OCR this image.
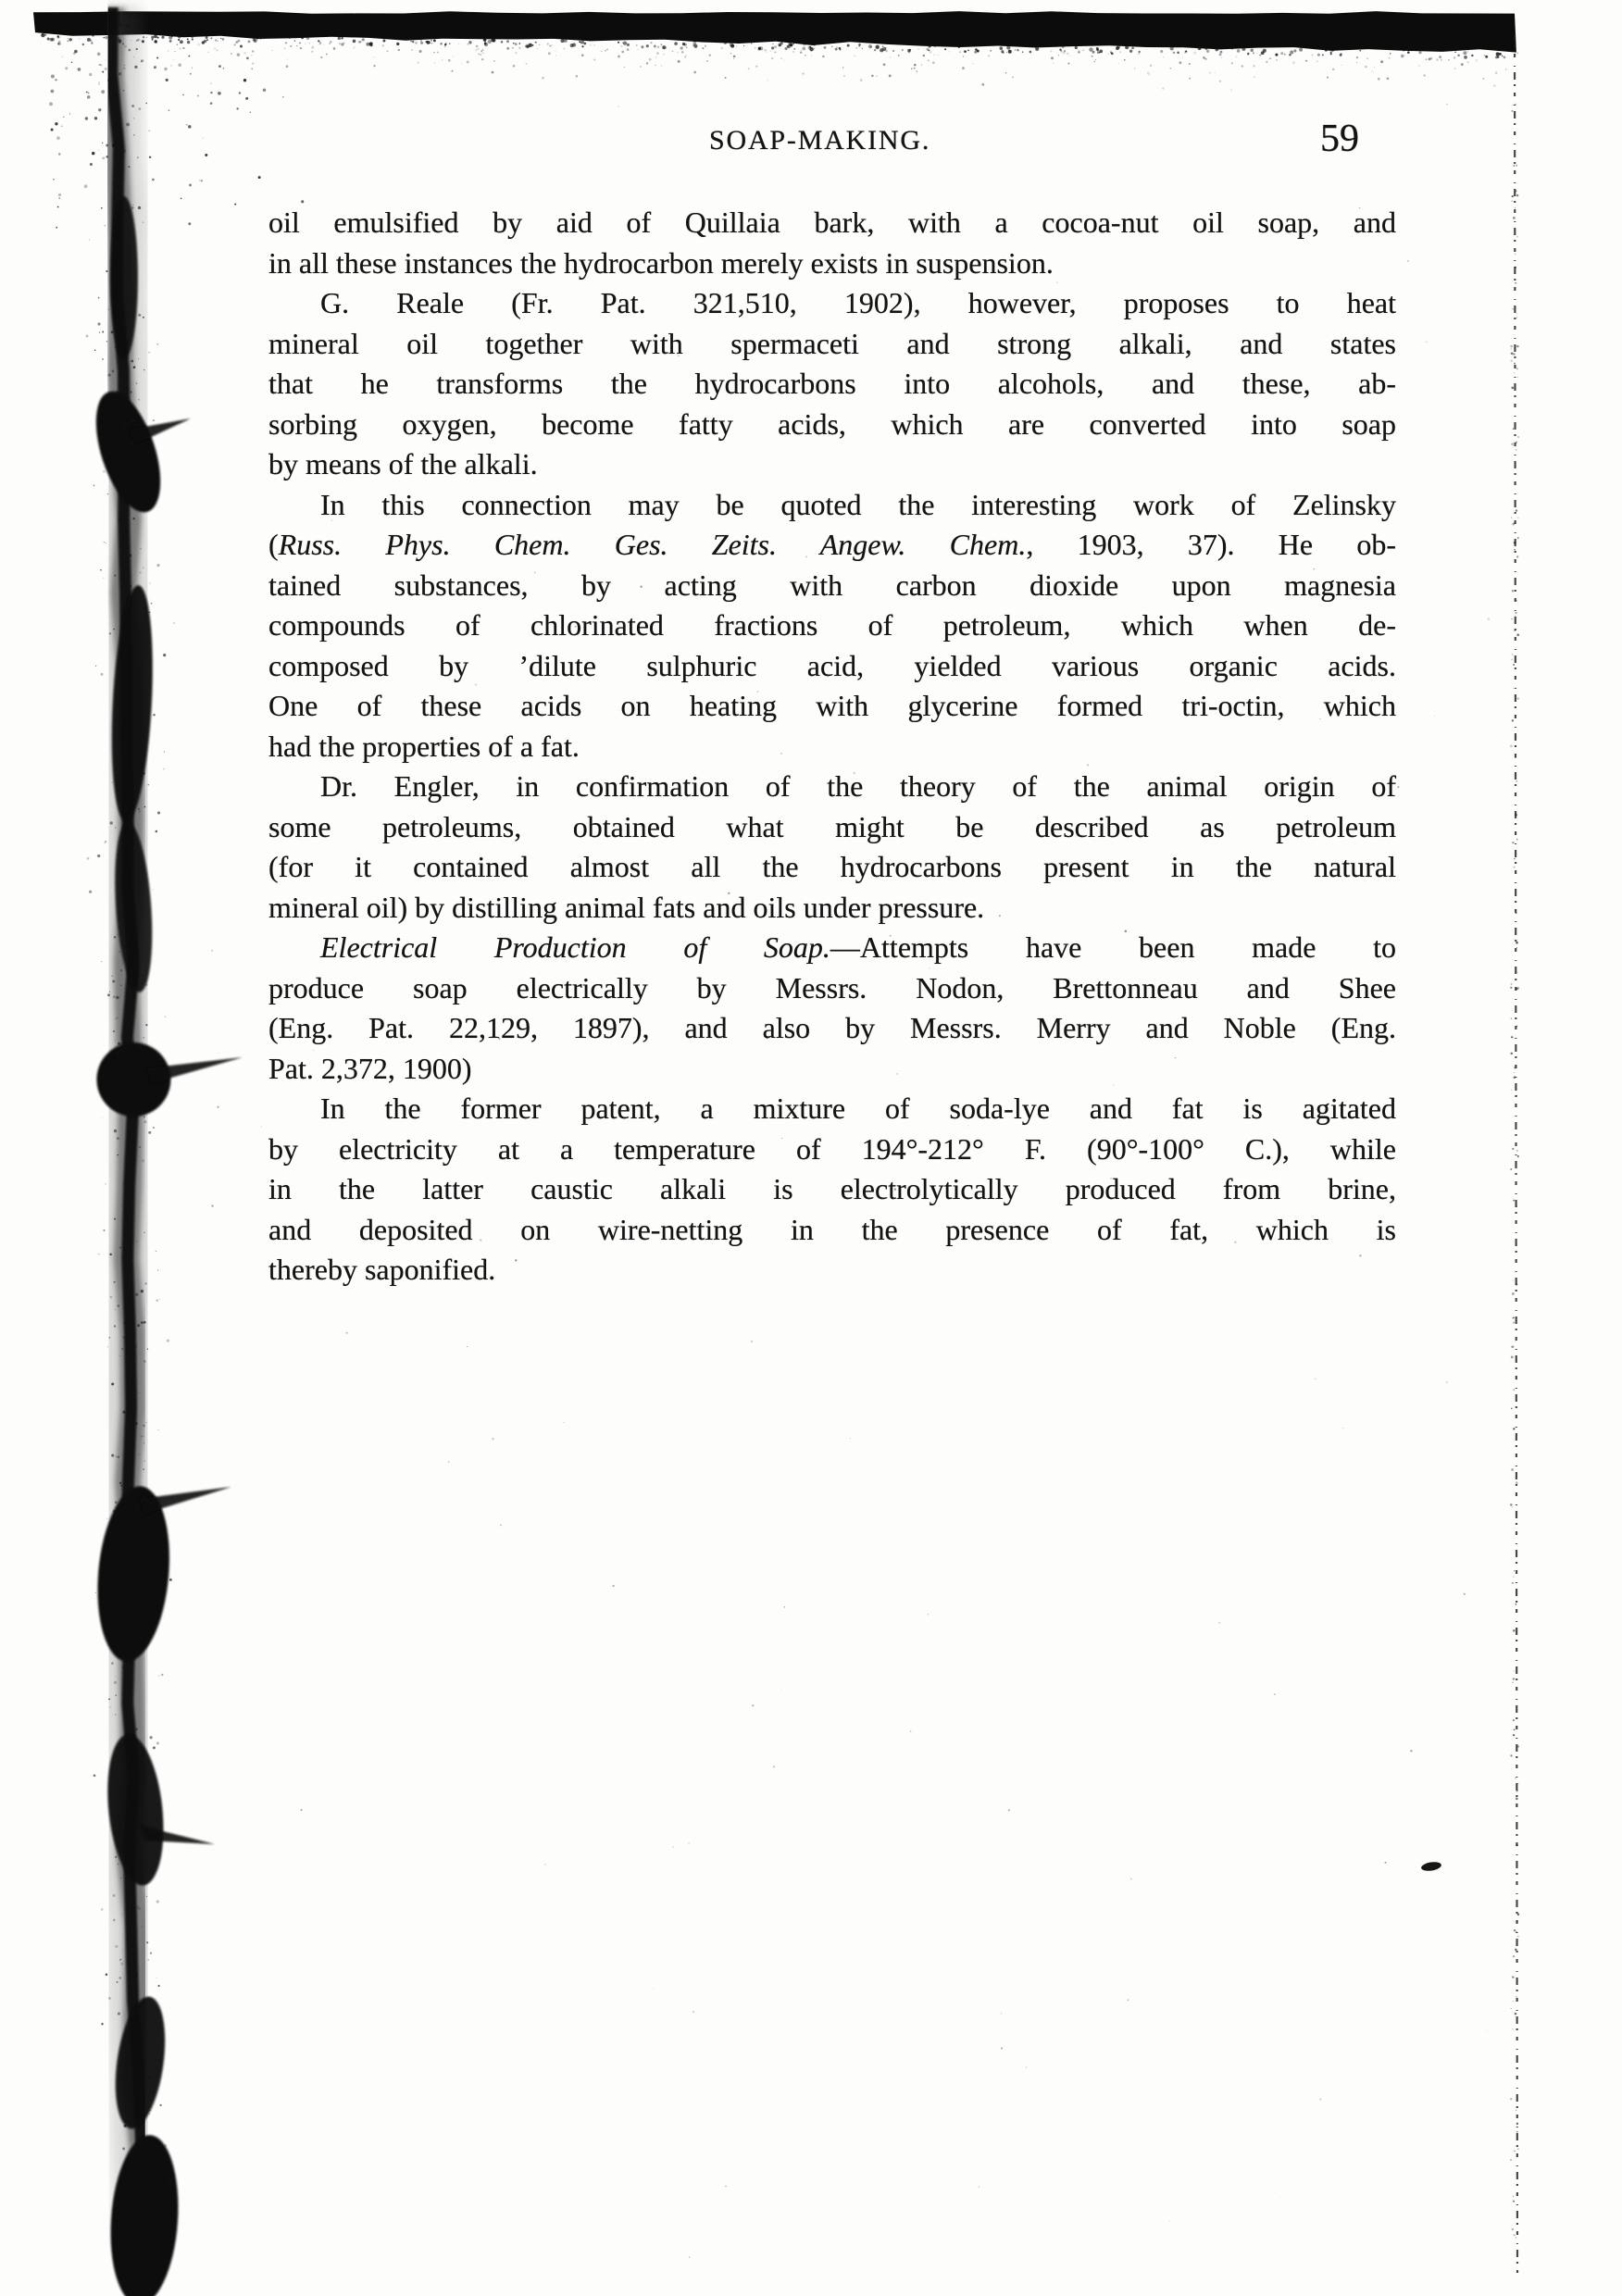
SOAP-MAKING.	59
oil emulsified by aid of Quillaia bark, with a cocoa-nut oil soap, and
in all these instances the hydrocarbon merely exists in suspension.
G. Reale (Fr. Pat. 321,510, 1902), however, proposes to heat
mineral oil together with spermaceti and strong alkali, and states
that he transforms the hydrocarbons into alcohols, and these, ab-
sorbing oxygen, become fatty acids, which are converted into soap
by means of the alkali.
In this connection may be quoted the interesting work of Zelinsky
(Russ. Phys. Chem. Ges. Zeits. Angew. Chem., 1903, 37). He ob-
tained substances, by acting with carbon dioxide upon magnesia
compounds of chlorinated fractions of petroleum, which when de-
composed by ’dilute sulphuric acid, yielded various organic acids.
One of these acids on heating with glycerine formed tri-octin, which
had the properties of a fat.
Dr. Engler, in confirmation of the theory of the animal origin of
some petroleums, obtained what might be described as petroleum
(for it contained almost all the hydrocarbons present in the natural
mineral oil) by distilling animal fats and oils under pressure.
Electrical Production of Soap.—Attempts have been made to
produce soap electrically by Messrs. Nodon, Brettonneau and Shee
(Eng. Pat. 22,129, 1897), and also by Messrs. Merry and Noble (Eng.
Pat. 2,372, 1900)
In the former patent, a mixture of soda-lye and fat is agitated
by electricity at a temperature of 194°-212° F. (90°-100° C.), while
in the latter caustic alkali is electrolytically produced from brine,
and deposited on wire-netting in the presence of fat, which is
thereby saponified.
